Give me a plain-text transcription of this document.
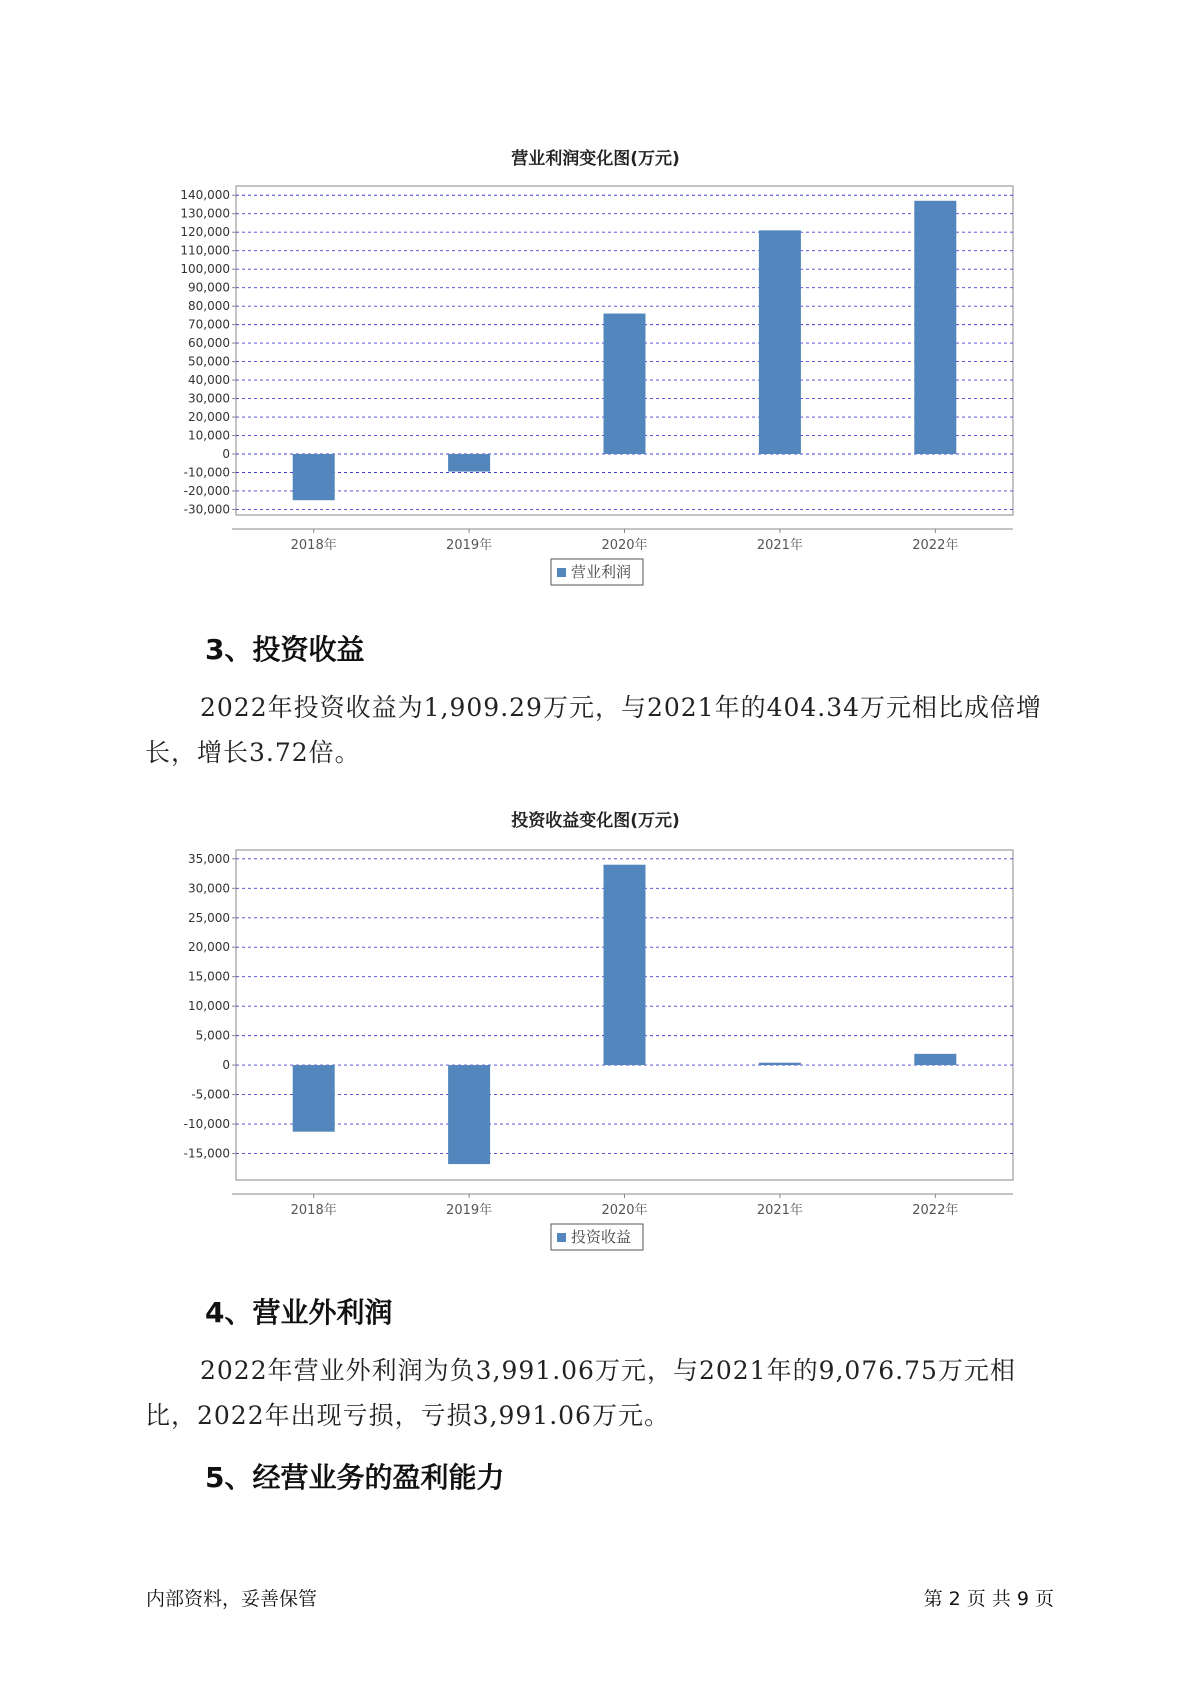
营业利润变化图(万元)
-30,000
-20,000
-10,000
0
10,000
20,000
30,000
40,000
50,000
60,000
70,000
80,000
90,000
100,000
110,000
120,000
130,000
140,000
2018年	2019年	2020年	2021年	2022年
营业利润
3、投资收益

2022年投资收益为1,909.29万元，与2021年的404.34万元相比成倍增长，增长3.72倍。

投资收益变化图(万元)
-15,000
-10,000
-5,000
0
5,000
10,000
15,000
20,000
25,000
30,000
35,000
2018年	2019年	2020年	2021年	2022年
投资收益
4、营业外利润

2022年营业外利润为负3,991.06万元，与2021年的9,076.75万元相比，2022年出现亏损，亏损3,991.06万元。

5、经营业务的盈利能力
内部资料，妥善保管	第 2 页 共 9 页
